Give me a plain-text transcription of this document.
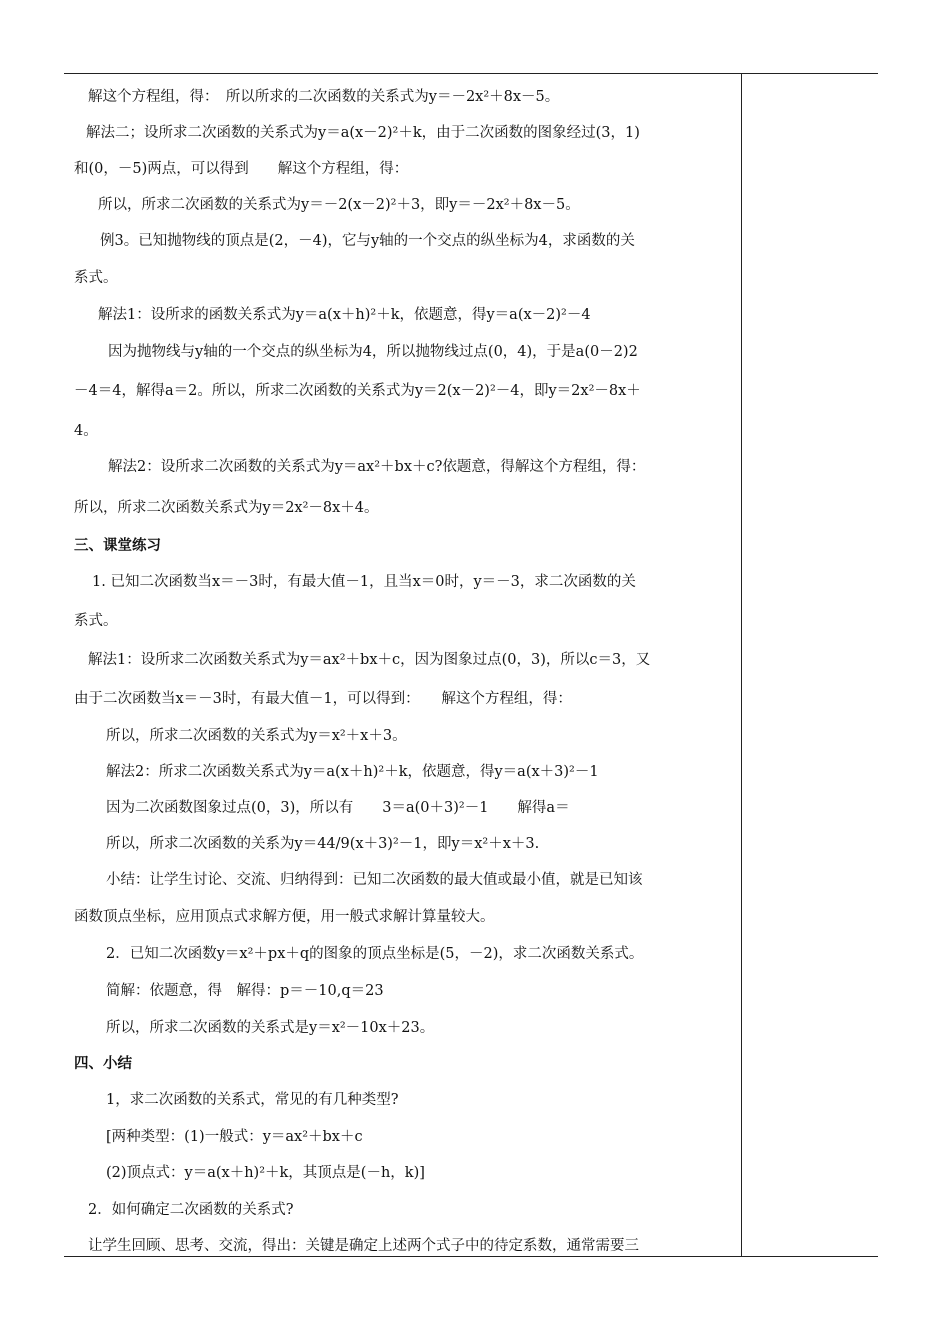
解这个方程组，得：　所以所求的二次函数的关系式为y＝－2x²＋8x－5。
解法二；设所求二次函数的关系式为y＝a(x－2)²＋k，由于二次函数的图象经过(3，1)
和(0，－5)两点，可以得到　　解这个方程组，得：
所以，所求二次函数的关系式为y＝－2(x－2)²＋3，即y＝－2x²＋8x－5。
例3。已知抛物线的顶点是(2，－4)，它与y轴的一个交点的纵坐标为4，求函数的关
系式。
解法1：设所求的函数关系式为y＝a(x＋h)²＋k，依题意，得y＝a(x－2)²－4
因为抛物线与y轴的一个交点的纵坐标为4，所以抛物线过点(0，4)，于是a(0－2)2
－4＝4，解得a＝2。所以，所求二次函数的关系式为y＝2(x－2)²－4，即y＝2x²－8x＋
4。
解法2：设所求二次函数的关系式为y＝ax²＋bx＋c?依题意，得解这个方程组，得：
所以，所求二次函数关系式为y＝2x²－8x＋4。
三、课堂练习
1. 已知二次函数当x＝－3时，有最大值－1，且当x＝0时，y＝－3，求二次函数的关
系式。
解法1：设所求二次函数关系式为y＝ax²＋bx＋c，因为图象过点(0，3)，所以c＝3，又
由于二次函数当x＝－3时，有最大值－1，可以得到：　　解这个方程组，得：
所以，所求二次函数的关系式为y＝x²＋x＋3。
解法2：所求二次函数关系式为y＝a(x＋h)²＋k，依题意，得y＝a(x＋3)²－1
因为二次函数图象过点(0，3)，所以有　　3＝a(0＋3)²－1　　解得a＝
所以，所求二次函数的关系为y＝44/9(x＋3)²－1，即y＝x²＋x＋3.
小结：让学生讨论、交流、归纳得到：已知二次函数的最大值或最小值，就是已知该
函数顶点坐标，应用顶点式求解方便，用一般式求解计算量较大。
2．已知二次函数y＝x²＋px＋q的图象的顶点坐标是(5，－2)，求二次函数关系式。
简解：依题意，得　解得：p＝－10,q＝23
所以，所求二次函数的关系式是y＝x²－10x＋23。
四、小结
1，求二次函数的关系式，常见的有几种类型?
[两种类型：(1)一般式：y＝ax²＋bx＋c
(2)顶点式：y＝a(x＋h)²＋k，其顶点是(－h，k)]
2．如何确定二次函数的关系式?
让学生回顾、思考、交流，得出：关键是确定上述两个式子中的待定系数，通常需要三
